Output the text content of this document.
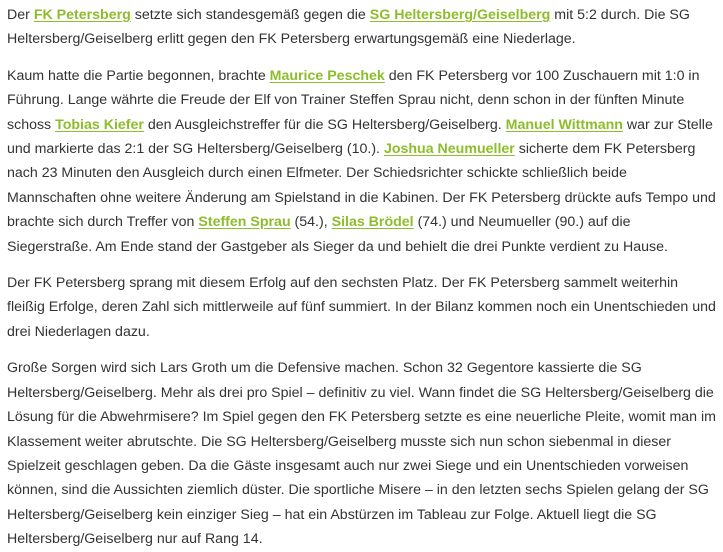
Der FK Petersberg setzte sich standesgemäß gegen die SG Heltersberg/Geiselberg mit 5:2 durch. Die SG Heltersberg/Geiselberg erlitt gegen den FK Petersberg erwartungsgemäß eine Niederlage.

Kaum hatte die Partie begonnen, brachte Maurice Peschek den FK Petersberg vor 100 Zuschauern mit 1:0 in Führung. Lange währte die Freude der Elf von Trainer Steffen Sprau nicht, denn schon in der fünften Minute schoss Tobias Kiefer den Ausgleichstreffer für die SG Heltersberg/Geiselberg. Manuel Wittmann war zur Stelle und markierte das 2:1 der SG Heltersberg/Geiselberg (10.). Joshua Neumueller sicherte dem FK Petersberg nach 23 Minuten den Ausgleich durch einen Elfmeter. Der Schiedsrichter schickte schließlich beide Mannschaften ohne weitere Änderung am Spielstand in die Kabinen. Der FK Petersberg drückte aufs Tempo und brachte sich durch Treffer von Steffen Sprau (54.), Silas Brödel (74.) und Neumueller (90.) auf die Siegerstraße. Am Ende stand der Gastgeber als Sieger da und behielt die drei Punkte verdient zu Hause.

Der FK Petersberg sprang mit diesem Erfolg auf den sechsten Platz. Der FK Petersberg sammelt weiterhin fleißig Erfolge, deren Zahl sich mittlerweile auf fünf summiert. In der Bilanz kommen noch ein Unentschieden und drei Niederlagen dazu.

Große Sorgen wird sich Lars Groth um die Defensive machen. Schon 32 Gegentore kassierte die SG Heltersberg/Geiselberg. Mehr als drei pro Spiel – definitiv zu viel. Wann findet die SG Heltersberg/Geiselberg die Lösung für die Abwehrmisere? Im Spiel gegen den FK Petersberg setzte es eine neuerliche Pleite, womit man im Klassement weiter abrutschte. Die SG Heltersberg/Geiselberg musste sich nun schon siebenmal in dieser Spielzeit geschlagen geben. Da die Gäste insgesamt auch nur zwei Siege und ein Unentschieden vorweisen können, sind die Aussichten ziemlich düster. Die sportliche Misere – in den letzten sechs Spielen gelang der SG Heltersberg/Geiselberg kein einziger Sieg – hat ein Abstürzen im Tableau zur Folge. Aktuell liegt die SG Heltersberg/Geiselberg nur auf Rang 14.
